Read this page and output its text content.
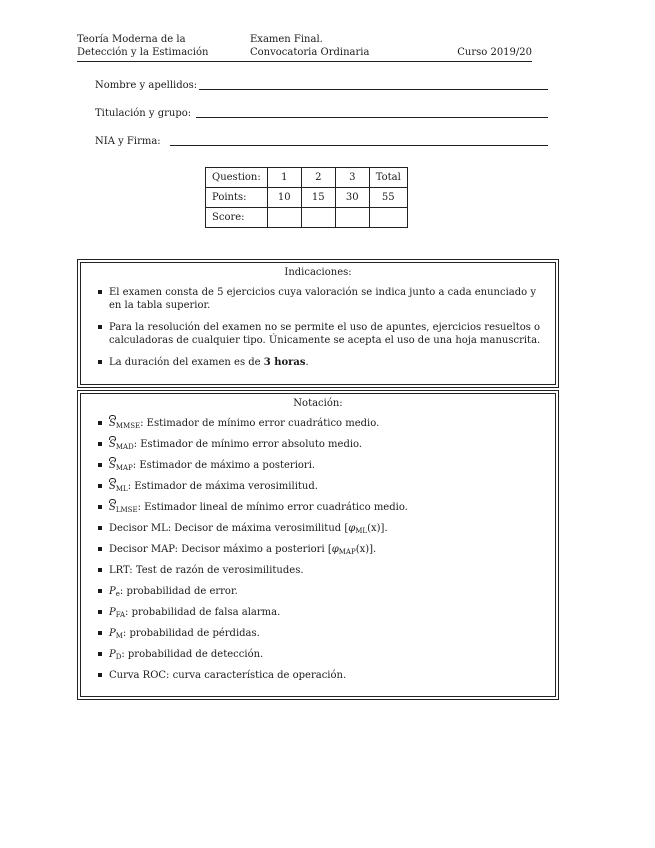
Teoría Moderna de la
Detección y la Estimación
Examen Final.
Convocatoria Ordinaria	Curso 2019/20
Nombre y apellidos:
Titulación y grupo:
NIA y Firma:
Question:	1	2	3	Total
Points:	10	15	30	55
Score:				
Indicaciones:
El examen consta de 5 ejercicios cuya valoración se indica junto a cada enunciado y en la tabla superior.
Para la resolución del examen no se permite el uso de apuntes, ejercicios resueltos o calculadoras de cualquier tipo. Únicamente se acepta el uso de una hoja manuscrita.
La duración del examen es de 3 horas.
Notación:
$S_{MMSE}$: Estimador de mínimo error cuadrático medio.
$S_{MAD}$: Estimador de mínimo error absoluto medio.
$S_{MAP}$: Estimador de máximo a posteriori.
$S_{ML}$: Estimador de máxima verosimilitud.
$S_{LMSE}$: Estimador lineal de mínimo error cuadrático medio.
Decisor ML: Decisor de máxima verosimilitud $[\varphi_{ML}(x)]$.
Decisor MAP: Decisor máximo a posteriori $[\varphi_{MAP}(x)]$.
LRT: Test de razón de verosimilitudes.
$P_e$: probabilidad de error.
$P_{FA}$: probabilidad de falsa alarma.
$P_M$: probabilidad de pérdidas.
$P_D$: probabilidad de detección.
Curva ROC: curva característica de operación.
